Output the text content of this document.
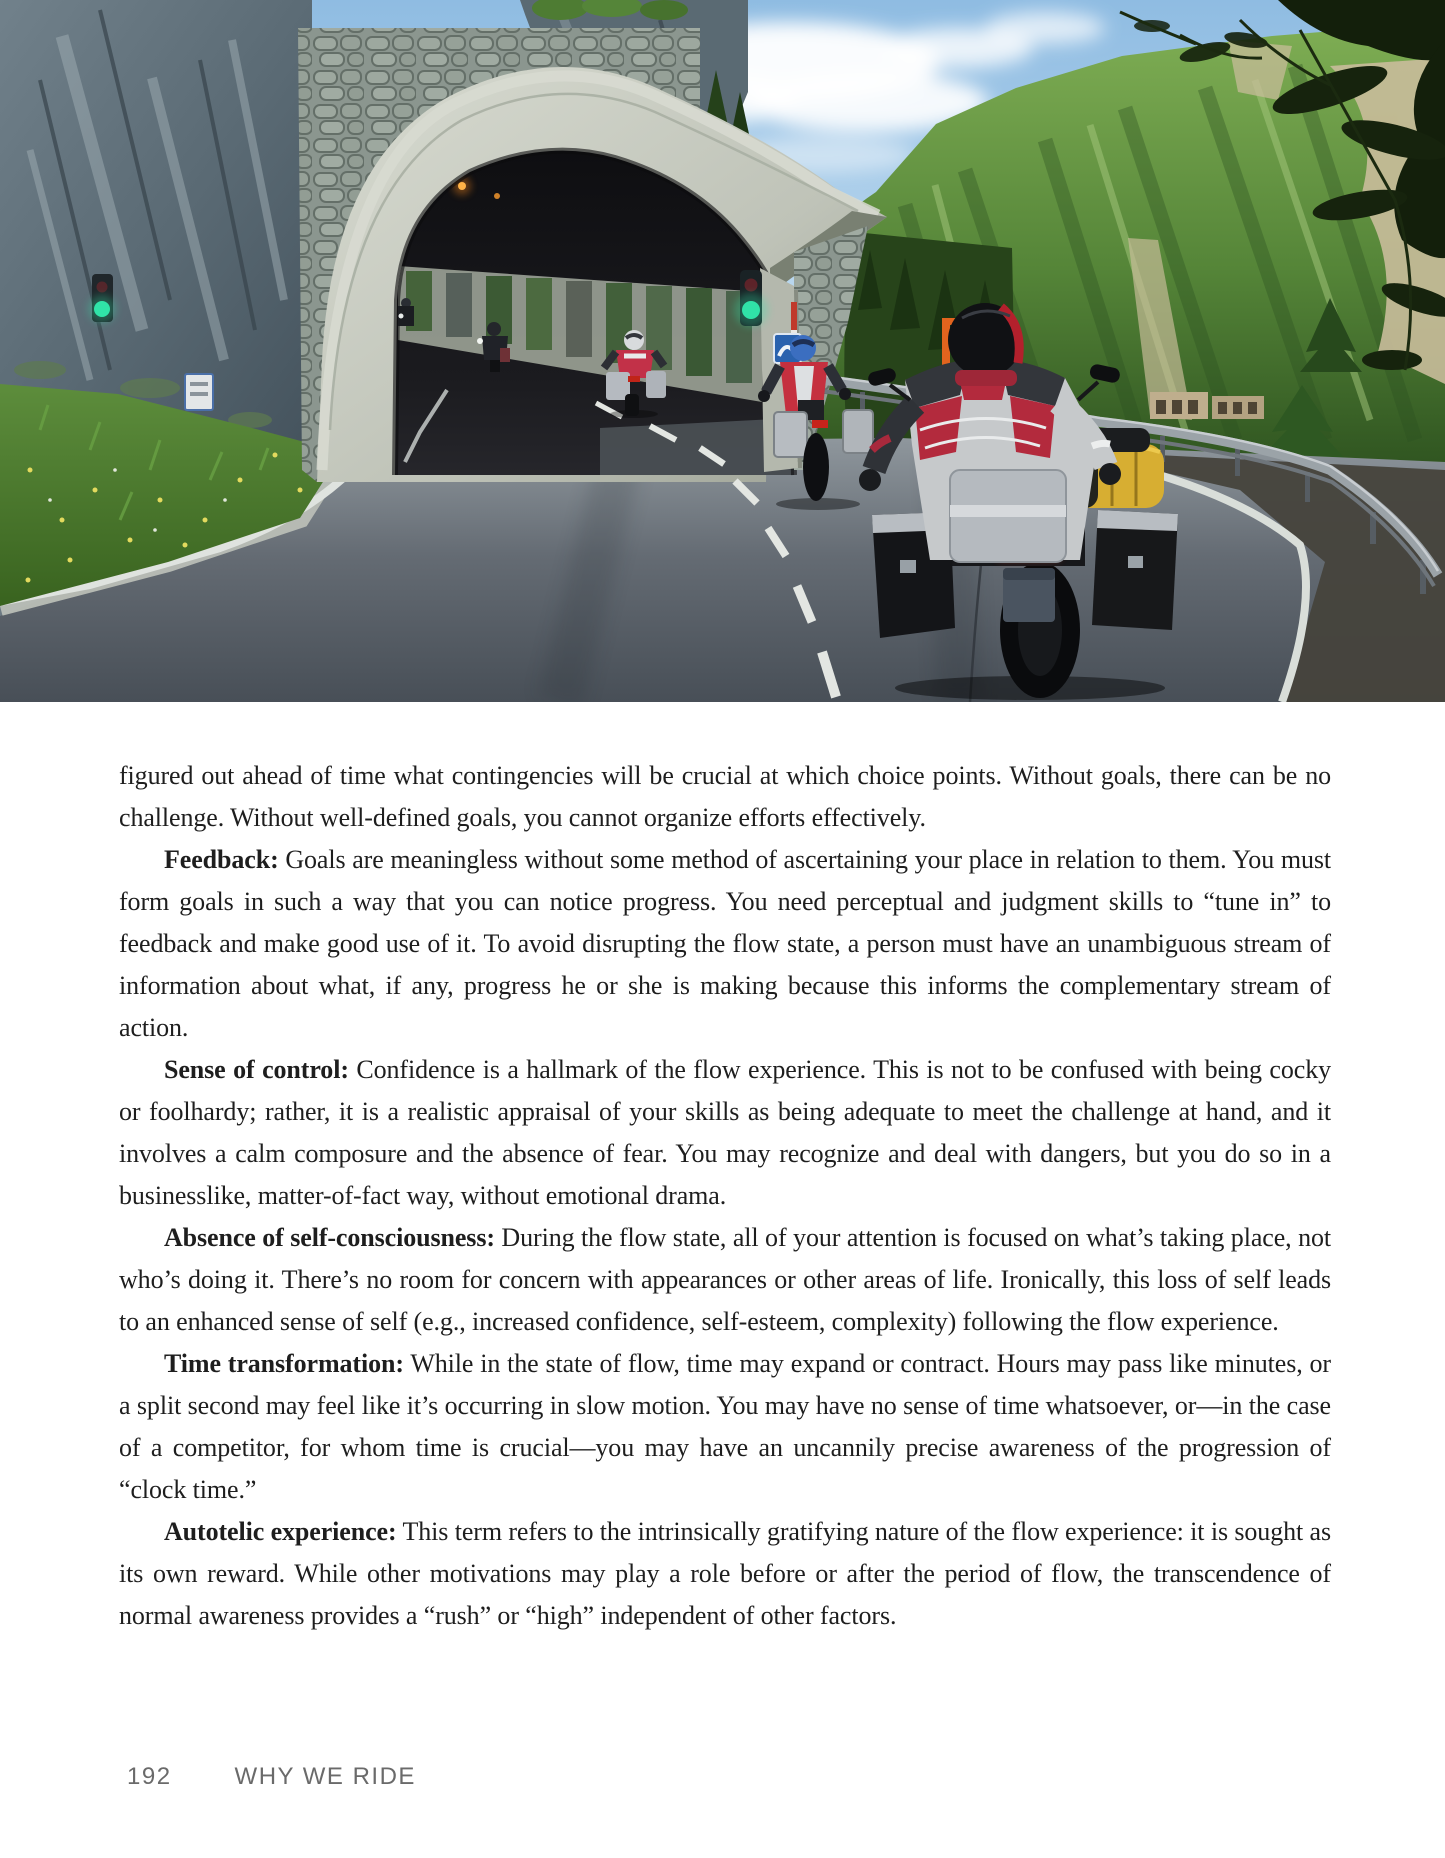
figured out ahead of time what contingencies will be crucial at which choice points. Without goals, there can be no challenge. Without well-defined goals, you cannot organize efforts effectively.

Feedback: Goals are meaningless without some method of ascertaining your place in relation to them. You must form goals in such a way that you can notice progress. You need perceptual and judgment skills to “tune in” to feedback and make good use of it. To avoid disrupting the flow state, a person must have an unambiguous stream of information about what, if any, progress he or she is making because this informs the complementary stream of action.

Sense of control: Confidence is a hallmark of the flow experience. This is not to be confused with being cocky or foolhardy; rather, it is a realistic appraisal of your skills as being adequate to meet the challenge at hand, and it involves a calm composure and the absence of fear. You may recognize and deal with dangers, but you do so in a businesslike, matter-of-fact way, without emotional drama.

Absence of self-consciousness: During the flow state, all of your attention is focused on what’s taking place, not who’s doing it. There’s no room for concern with appearances or other areas of life. Ironically, this loss of self leads to an enhanced sense of self (e.g., increased confidence, self-esteem, complexity) following the flow experience.

Time transformation: While in the state of flow, time may expand or contract. Hours may pass like minutes, or a split second may feel like it’s occurring in slow motion. You may have no sense of time whatsoever, or—in the case of a competitor, for whom time is crucial—you may have an uncannily precise awareness of the progression of “clock time.”

Autotelic experience: This term refers to the intrinsically gratifying nature of the flow experience: it is sought as its own reward. While other motivations may play a role before or after the period of flow, the transcendence of normal awareness provides a “rush” or “high” independent of other factors.

192	WHY WE RIDE
